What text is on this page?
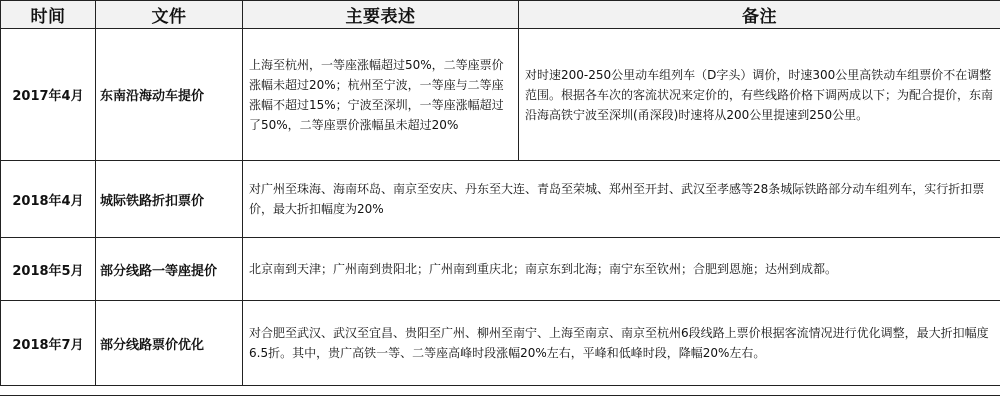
时间	文件	主要表述	备注
2017年4月	东南沿海动车提价	上海至杭州，一等座涨幅超过50%，二等座票价涨幅未超过20%；杭州至宁波，一等座与二等座涨幅不超过15%；宁波至深圳，一等座涨幅超过了50%，二等座票价涨幅虽未超过20%	对时速200-250公里动车组列车（D字头）调价，时速300公里高铁动车组票价不在调整范围。根据各车次的客流状况来定价的，有些线路价格下调两成以下；为配合提价，东南沿海高铁宁波至深圳(甬深段)时速将从200公里提速到250公里。
2018年4月	城际铁路折扣票价	对广州至珠海、海南环岛、南京至安庆、丹东至大连、青岛至荣城、郑州至开封、武汉至孝感等28条城际铁路部分动车组列车，实行折扣票价，最大折扣幅度为20%	
2018年5月	部分线路一等座提价	北京南到天津；广州南到贵阳北；广州南到重庆北；南京东到北海；南宁东至钦州；合肥到恩施；达州到成都。	
2018年7月	部分线路票价优化	对合肥至武汉、武汉至宜昌、贵阳至广州、柳州至南宁、上海至南京、南京至杭州6段线路上票价根据客流情况进行优化调整，最大折扣幅度6.5折。其中，贵广高铁一等、二等座高峰时段涨幅20%左右，平峰和低峰时段，降幅20%左右。	
